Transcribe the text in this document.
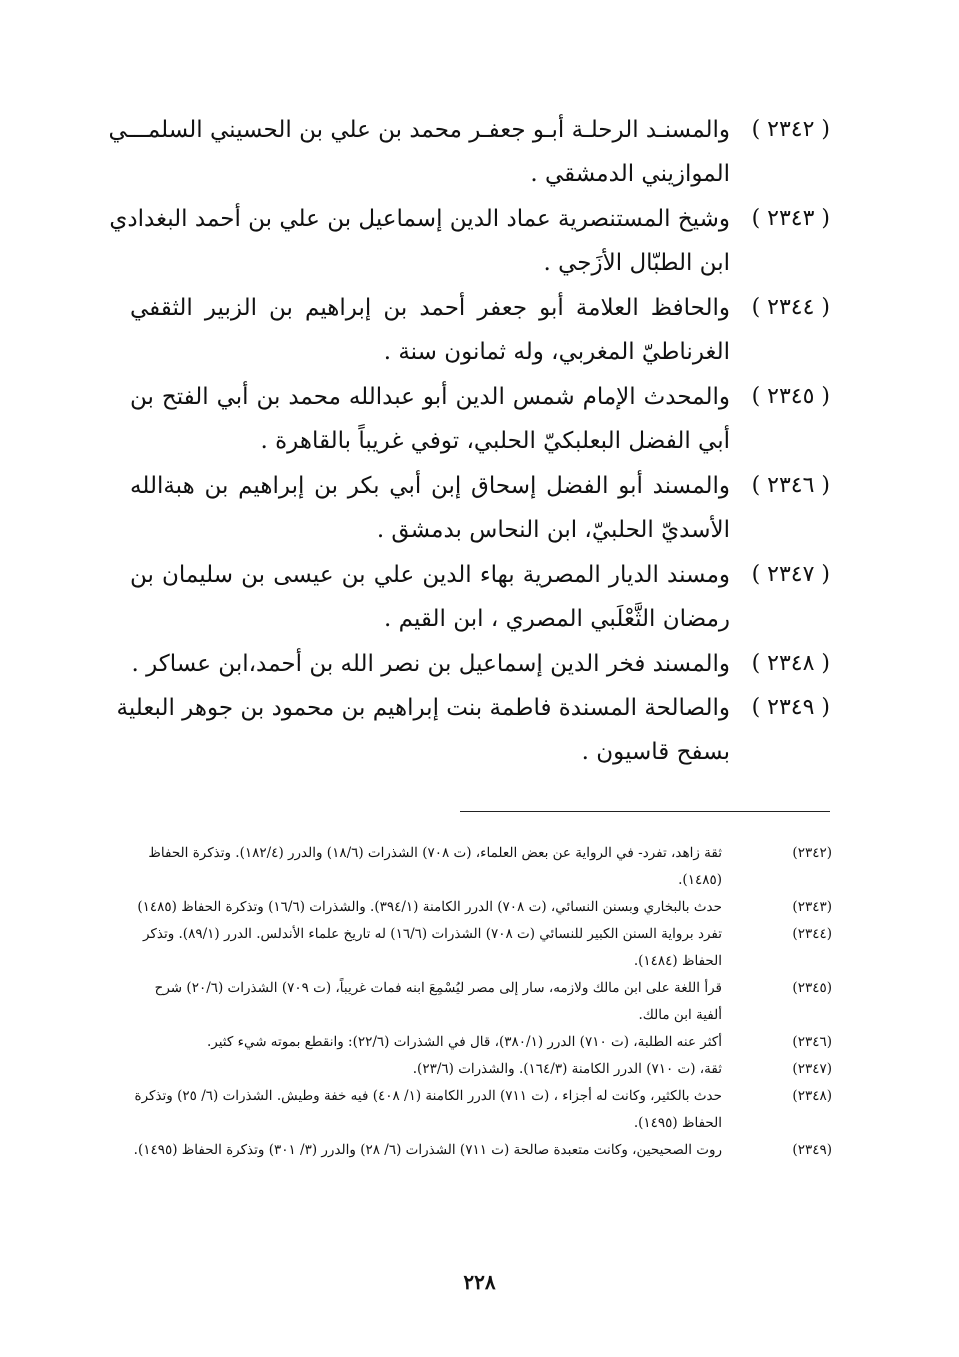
( ٢٣٤٢ )
والمسنـد الرحلـة أبـو جعفـر محمد بن علي بن الحسيني السلمـــي
الموازيني الدمشقي .
( ٢٣٤٣ )
وشيخ المستنصرية عماد الدين إسماعيل بن علي بن أحمد البغدادي
ابن الطبّال الأزَجي .
( ٢٣٤٤ )
والحافظ العلامة أبو جعفر أحمد بن إبراهيم بن الزبير الثقفي
الغرناطيّ المغربي، وله ثمانون سنة .
( ٢٣٤٥ )
والمحدث الإمام شمس الدين أبو عبدالله محمد بن أبي الفتح بن
أبي الفضل البعلبكيّ الحلبي، توفي غريباً بالقاهرة .
( ٢٣٤٦ )
والمسند أبو الفضل إسحاق إبن أبي بكر بن إبراهيم بن هبةالله
الأسديّ الحلبيّ، ابن النحاس بدمشق .
( ٢٣٤٧ )
ومسند الديار المصرية بهاء الدين علي بن عيسى بن سليمان بن
رمضان الثَّعْلَبي المصري ، ابن القيم .
( ٢٣٤٨ )
والمسند فخر الدين إسماعيل بن نصر الله بن أحمد،ابن عساكر .
( ٢٣٤٩ )
والصالحة المسندة فاطمة بنت إبراهيم بن محمود بن جوهر البعلية
بسفح قاسيون .
(٢٣٤٢)
ثقة زاهد، تفرد- في الرواية عن بعض العلماء، (ت ٧٠٨) الشذرات (١٨/٦) والدرر (١٨٢/٤). وتذكرة الحفاظ (١٤٨٥).
(٢٣٤٣)
حدث بالبخاري وبسنن النسائي، (ت ٧٠٨) الدرر الكامنة (٣٩٤/١). والشذرات (١٦/٦) وتذكرة الحفاظ (١٤٨٥)
(٢٣٤٤)
تفرد برواية السنن الكبير للنسائي (ت ٧٠٨) الشذرات (١٦/٦) له تاريخ علماء الأندلس. الدرر (٨٩/١). وتذكر الحفاظ (١٤٨٤).
(٢٣٤٥)
قرأ اللغة على ابن مالك ولازمه، سار إلى مصر ليُسْمِعَ ابنه فمات غريباً، (ت ٧٠٩) الشذرات (٢٠/٦) شرح ألفية ابن مالك.
(٢٣٤٦)
أكثر عنه الطلبة، (ت ٧١٠) الدرر (٣٨٠/١)، قال في الشذرات (٢٢/٦): وانقطع بموته شيء كثير.
(٢٣٤٧)
ثقة، (ت ٧١٠) الدرر الكامنة (١٦٤/٣). والشذرات (٢٣/٦).
(٢٣٤٨)
حدث بالكثير، وكانت له أجزاء ، (ت ٧١١) الدرر الكامنة (١/ ٤٠٨) فيه خفة وطيش. الشذرات (٦/ ٢٥) وتذكرة الحفاظ (١٤٩٥).
(٢٣٤٩)
روت الصحيحين، وكانت متعبدة صالحة (ت ٧١١) الشذرات (٦/ ٢٨) والدرر (٣/ ٣٠١) وتذكرة الحفاظ (١٤٩٥).
٢٢٨
